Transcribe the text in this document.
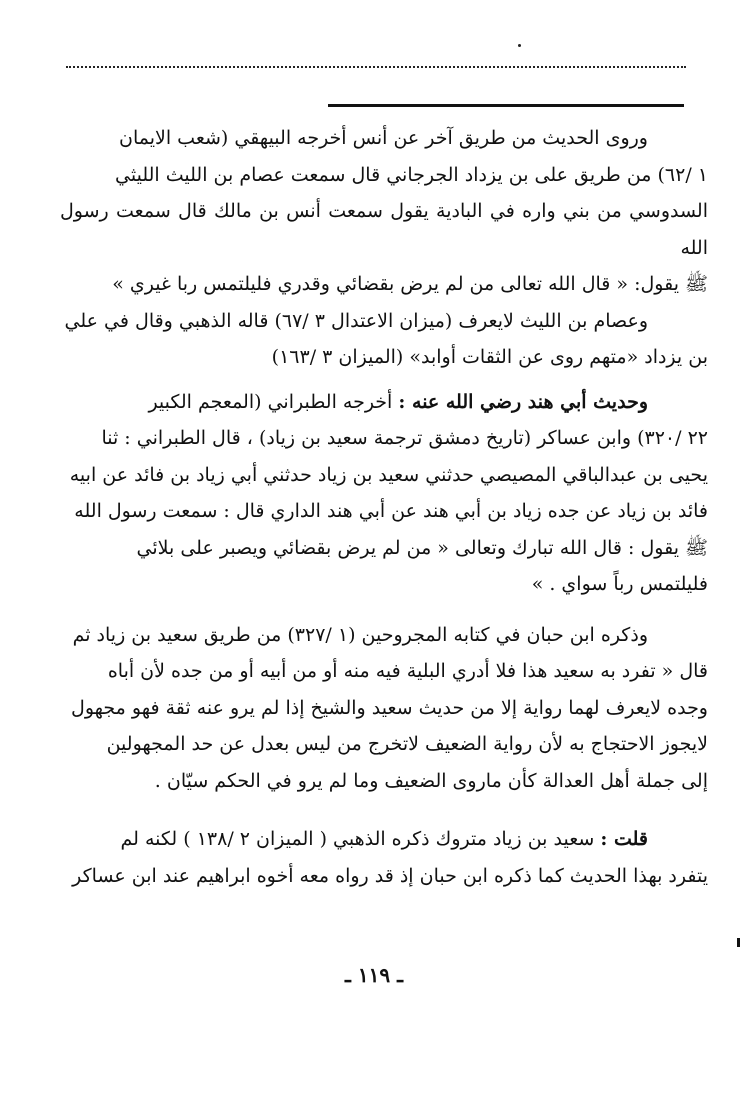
وروى الحديث من طريق آخر عن أنس أخرجه البيهقي (شعب الايمان

١ /٦٢) من طريق على بن يزداد الجرجاني قال سمعت عصام بن الليث الليثي

السدوسي من بني واره في البادية يقول سمعت أنس بن مالك قال سمعت رسول الله

ﷺ يقول: « قال الله تعالى من لم يرض بقضائي وقدري فليلتمس ربا غيري »

وعصام بن الليث لايعرف (ميزان الاعتدال ٣ /٦٧) قاله الذهبي وقال في علي

بن يزداد «متهم روى عن الثقات أوابد» (الميزان ٣ /١٦٣)

وحديث أبي هند رضي الله عنه : أخرجه الطبراني (المعجم الكبير

٢٢ /٣٢٠) وابن عساكر (تاريخ دمشق ترجمة سعيد بن زياد) ، قال الطبراني : ثنا

يحيى بن عبدالباقي المصيصي حدثني سعيد بن زياد حدثني أبي زياد بن فائد عن ابيه

فائد بن زياد عن جده زياد بن أبي هند عن أبي هند الداري قال : سمعت رسول الله

ﷺ يقول : قال الله تبارك وتعالى « من لم يرض بقضائي ويصبر على بلائي

فليلتمس رباً سواي . »

وذكره ابن حبان في كتابه المجروحين (١ /٣٢٧) من طريق سعيد بن زياد ثم

قال « تفرد به سعيد هذا فلا أدري البلية فيه منه أو من أبيه أو من جده لأن أباه

وجده لايعرف لهما رواية إلا من حديث سعيد والشيخ إذا لم يرو عنه ثقة فهو مجهول

لايجوز الاحتجاج به لأن رواية الضعيف لاتخرج من ليس بعدل عن حد المجهولين

إلى جملة أهل العدالة كأن ماروى الضعيف وما لم يرو في الحكم سيّان .

قلت : سعيد بن زياد متروك ذكره الذهبي ( الميزان ٢ /١٣٨ ) لكنه لم

يتفرد بهذا الحديث كما ذكره ابن حبان إذ قد رواه معه أخوه ابراهيم عند ابن عساكر

ـ ١١٩ ـ
